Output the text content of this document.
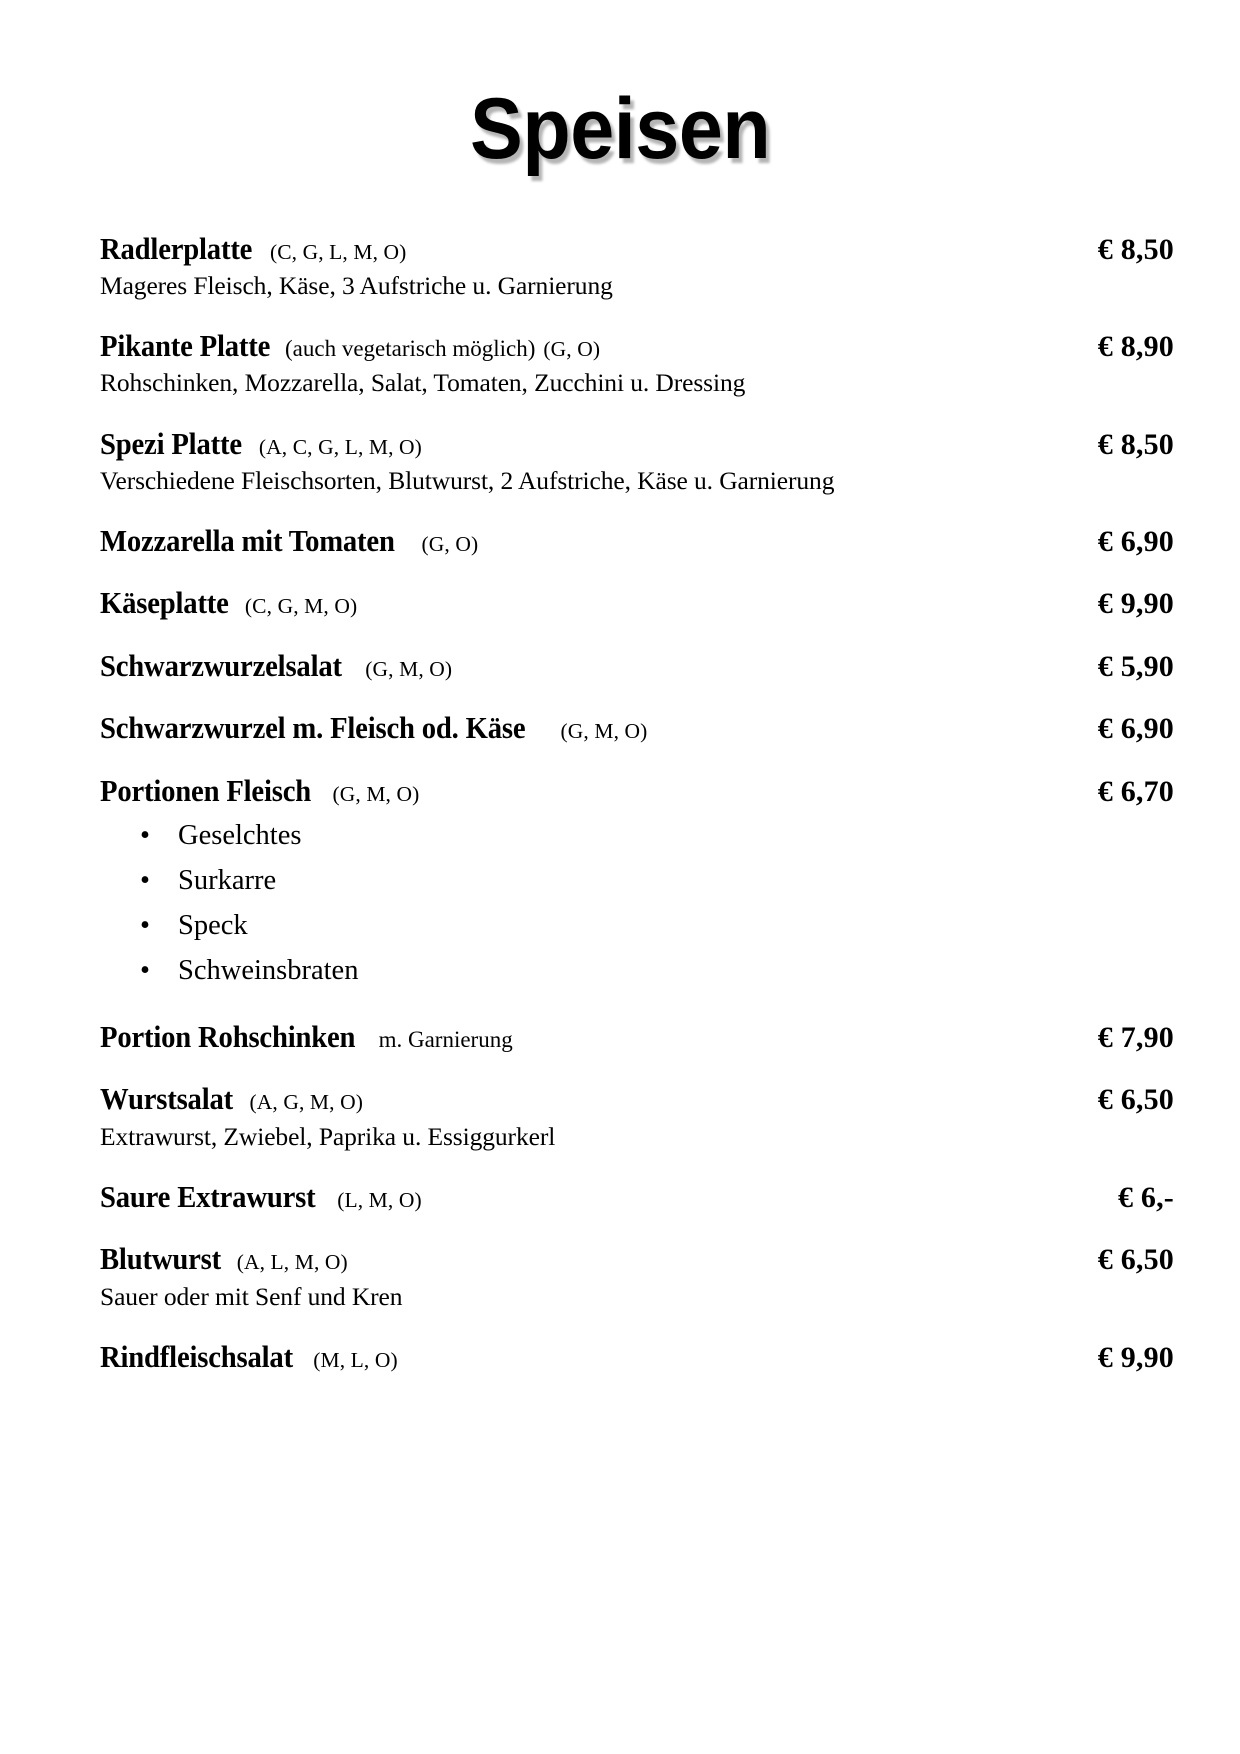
Speisen
Radlerplatte (C, G, L, M, O)	€ 8,50
Mageres Fleisch, Käse, 3 Aufstriche u. Garnierung
Pikante Platte (auch vegetarisch möglich) (G, O)	€ 8,90
Rohschinken, Mozzarella, Salat, Tomaten, Zucchini u. Dressing
Spezi Platte (A, C, G, L, M, O)	€ 8,50
Verschiedene Fleischsorten, Blutwurst, 2 Aufstriche, Käse u. Garnierung
Mozzarella mit Tomaten (G, O)	€ 6,90
Käseplatte (C, G, M, O)	€ 9,90
Schwarzwurzelsalat (G, M, O)	€ 5,90
Schwarzwurzel m. Fleisch od. Käse (G, M, O)	€ 6,90
Portionen Fleisch (G, M, O)	€ 6,70
• Geselchtes
• Surkarre
• Speck
• Schweinsbraten
Portion Rohschinken m. Garnierung	€ 7,90
Wurstsalat (A, G, M, O)	€ 6,50
Extrawurst, Zwiebel, Paprika u. Essiggurkerl
Saure Extrawurst (L, M, O)	€ 6,-
Blutwurst (A, L, M, O)	€ 6,50
Sauer oder mit Senf und Kren
Rindfleischsalat (M, L, O)	€ 9,90
